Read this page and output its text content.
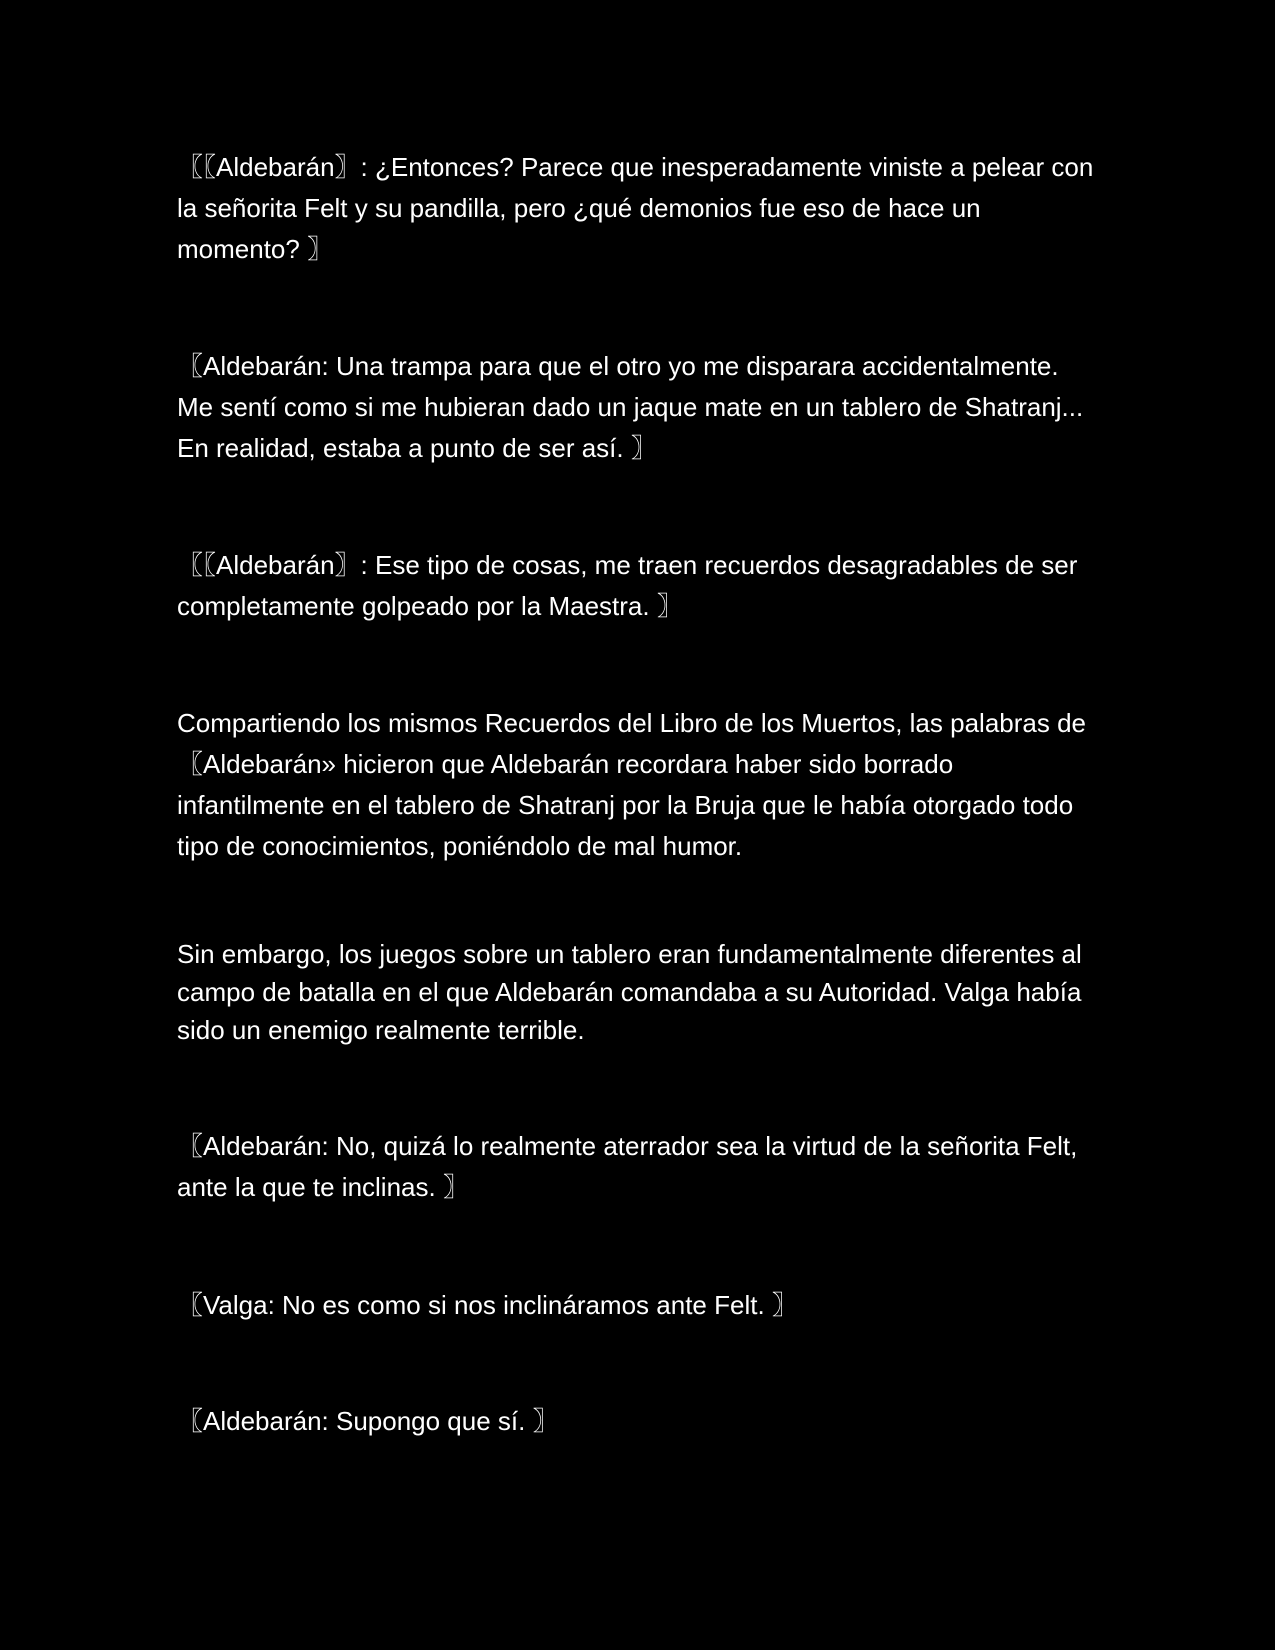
〖〖Aldebarán〗: ¿Entonces? Parece que inesperadamente viniste a pelear con la señorita Felt y su pandilla, pero ¿qué demonios fue eso de hace un momento? 〗

〖Aldebarán: Una trampa para que el otro yo me disparara accidentalmente. Me sentí como si me hubieran dado un jaque mate en un tablero de Shatranj... En realidad, estaba a punto de ser así. 〗

〖〖Aldebarán〗: Ese tipo de cosas, me traen recuerdos desagradables de ser completamente golpeado por la Maestra. 〗

Compartiendo los mismos Recuerdos del Libro de los Muertos, las palabras de 〖Aldebarán» hicieron que Aldebarán recordara haber sido borrado infantilmente en el tablero de Shatranj por la Bruja que le había otorgado todo tipo de conocimientos, poniéndolo de mal humor.

Sin embargo, los juegos sobre un tablero eran fundamentalmente diferentes al campo de batalla en el que Aldebarán comandaba a su Autoridad. Valga había sido un enemigo realmente terrible.

〖Aldebarán: No, quizá lo realmente aterrador sea la virtud de la señorita Felt, ante la que te inclinas. 〗

〖Valga: No es como si nos inclináramos ante Felt. 〗

〖Aldebarán: Supongo que sí. 〗
